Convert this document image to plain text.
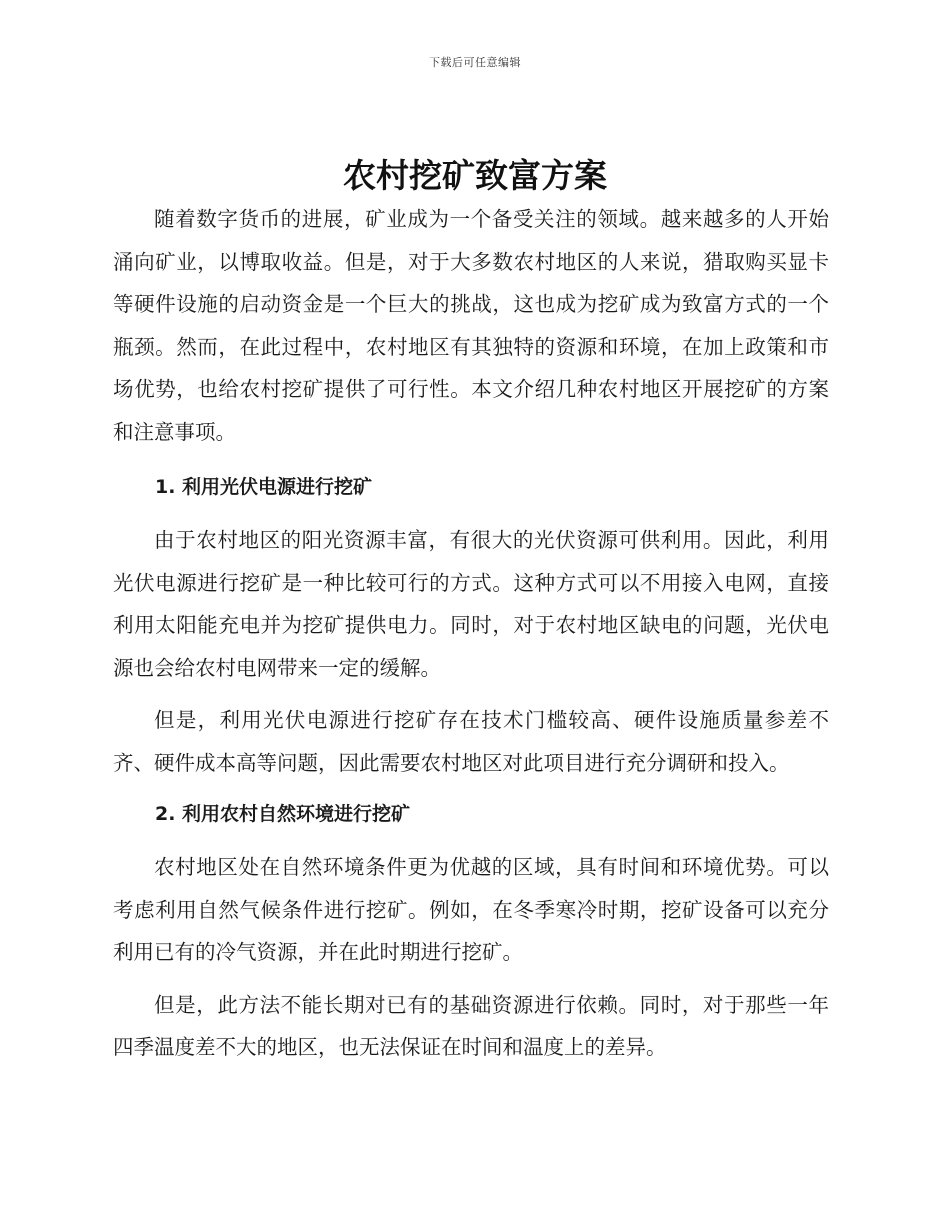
下载后可任意编辑
农村挖矿致富方案

随着数字货币的进展，矿业成为一个备受关注的领域。越来越多的人开始涌向矿业，以博取收益。但是，对于大多数农村地区的人来说，猎取购买显卡等硬件设施的启动资金是一个巨大的挑战，这也成为挖矿成为致富方式的一个瓶颈。然而，在此过程中，农村地区有其独特的资源和环境，在加上政策和市场优势，也给农村挖矿提供了可行性。本文介绍几种农村地区开展挖矿的方案和注意事项。

1. 利用光伏电源进行挖矿

由于农村地区的阳光资源丰富，有很大的光伏资源可供利用。因此，利用光伏电源进行挖矿是一种比较可行的方式。这种方式可以不用接入电网，直接利用太阳能充电并为挖矿提供电力。同时，对于农村地区缺电的问题，光伏电源也会给农村电网带来一定的缓解。

但是，利用光伏电源进行挖矿存在技术门槛较高、硬件设施质量参差不齐、硬件成本高等问题，因此需要农村地区对此项目进行充分调研和投入。

2. 利用农村自然环境进行挖矿

农村地区处在自然环境条件更为优越的区域，具有时间和环境优势。可以考虑利用自然气候条件进行挖矿。例如，在冬季寒冷时期，挖矿设备可以充分利用已有的冷气资源，并在此时期进行挖矿。

但是，此方法不能长期对已有的基础资源进行依赖。同时，对于那些一年四季温度差不大的地区，也无法保证在时间和温度上的差异。
